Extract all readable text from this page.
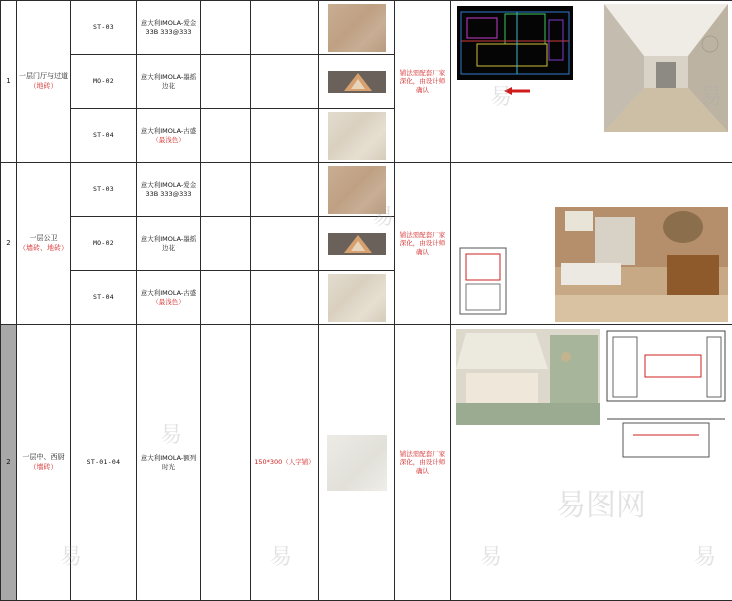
1	一层门厅与过道
（地砖）	ST-03	意大利IMOLA-爱金 33B 333@333				铺法需配套厂家深化，由设计师确认	
		MO-02	意大利IMOLA-墨摇 边花					

		ST-04	意大利IMOLA-古盛
（最浅色）					

2	一层公卫
（墙砖、地砖）	ST-03	意大利IMOLA-爱金 33B 333@333				铺法需配套厂家深化，由设计师确认	
		MO-02	意大利IMOLA-墨摇 边花					

		ST-04	意大利IMOLA-古盛
（最浅色）					

2	一层中、西厨
（墙砖）	ST-01-04	意大利IMOLA-额列 时光		150*300（人字铺）		铺法需配套厂家深化，由设计师确认	
易	易
易
易
易	易	易
易
易图网
